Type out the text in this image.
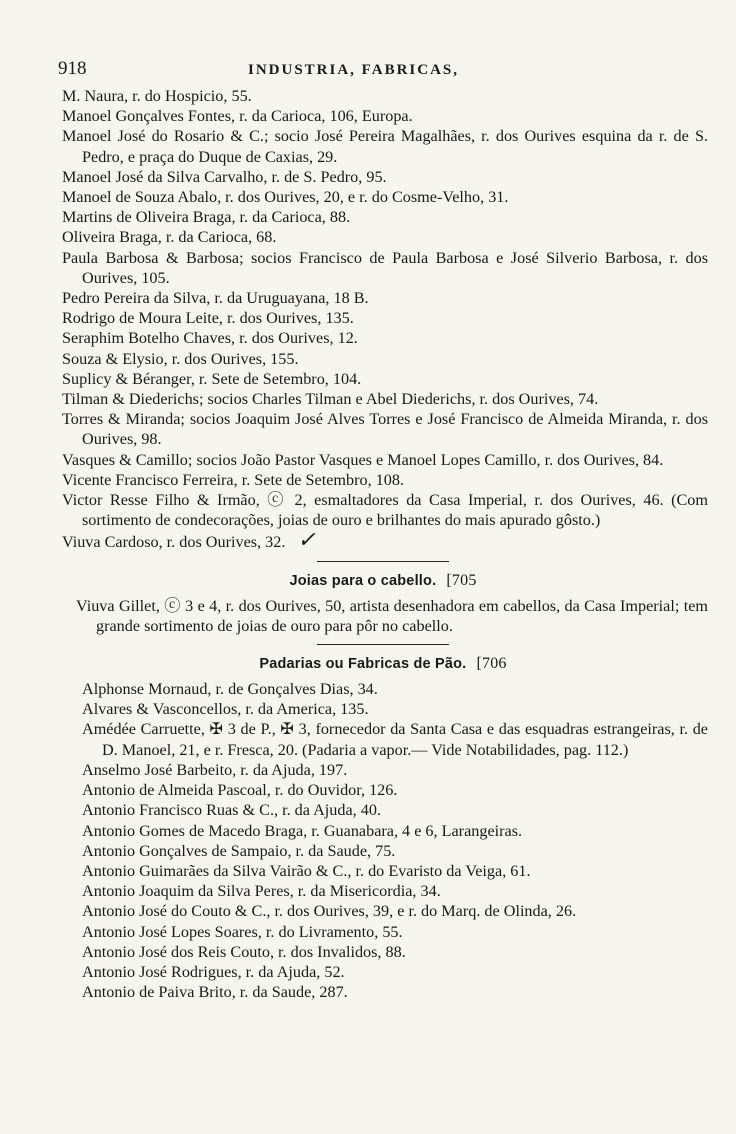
918	INDUSTRIA, FABRICAS,
M. Naura, r. do Hospicio, 55.
Manoel Gonçalves Fontes, r. da Carioca, 106, Europa.
Manoel José do Rosario & C.; socio José Pereira Magalhães, r. dos Ourives esquina da r. de S. Pedro, e praça do Duque de Caxias, 29.
Manoel José da Silva Carvalho, r. de S. Pedro, 95.
Manoel de Souza Abalo, r. dos Ourives, 20, e r. do Cosme-Velho, 31.
Martins de Oliveira Braga, r. da Carioca, 88.
Oliveira Braga, r. da Carioca, 68.
Paula Barbosa & Barbosa; socios Francisco de Paula Barbosa e José Silverio Barbosa, r. dos Ourives, 105.
Pedro Pereira da Silva, r. da Uruguayana, 18 B.
Rodrigo de Moura Leite, r. dos Ourives, 135.
Seraphim Botelho Chaves, r. dos Ourives, 12.
Souza & Elysio, r. dos Ourives, 155.
Suplicy & Béranger, r. Sete de Setembro, 104.
Tilman & Diederichs; socios Charles Tilman e Abel Diederichs, r. dos Ourives, 74.
Torres & Miranda; socios Joaquim José Alves Torres e José Francisco de Almeida Miranda, r. dos Ourives, 98.
Vasques & Camillo; socios João Pastor Vasques e Manoel Lopes Camillo, r. dos Ourives, 84.
Vicente Francisco Ferreira, r. Sete de Setembro, 108.
Victor Resse Filho & Irmão, ⓒ 2, esmaltadores da Casa Imperial, r. dos Ourives, 46. (Com sortimento de condecorações, joias de ouro e brilhantes do mais apurado gôsto.)
Viuva Cardoso, r. dos Ourives, 32. ✓
Joias para o cabello. [705
Viuva Gillet, ⓒ 3 e 4, r. dos Ourives, 50, artista desenhadora em cabellos, da Casa Imperial; tem grande sortimento de joias de ouro para pôr no cabello.
Padarias ou Fabricas de Pão. [706
Alphonse Mornaud, r. de Gonçalves Dias, 34.
Alvares & Vasconcellos, r. da America, 135.
Amédée Carruette, ✠ 3 de P., ✠ 3, fornecedor da Santa Casa e das esquadras estrangeiras, r. de D. Manoel, 21, e r. Fresca, 20. (Padaria a vapor.— Vide Notabilidades, pag. 112.)
Anselmo José Barbeito, r. da Ajuda, 197.
Antonio de Almeida Pascoal, r. do Ouvidor, 126.
Antonio Francisco Ruas & C., r. da Ajuda, 40.
Antonio Gomes de Macedo Braga, r. Guanabara, 4 e 6, Larangeiras.
Antonio Gonçalves de Sampaio, r. da Saude, 75.
Antonio Guimarães da Silva Vairão & C., r. do Evaristo da Veiga, 61.
Antonio Joaquim da Silva Peres, r. da Misericordia, 34.
Antonio José do Couto & C., r. dos Ourives, 39, e r. do Marq. de Olinda, 26.
Antonio José Lopes Soares, r. do Livramento, 55.
Antonio José dos Reis Couto, r. dos Invalidos, 88.
Antonio José Rodrigues, r. da Ajuda, 52.
Antonio de Paiva Brito, r. da Saude, 287.
